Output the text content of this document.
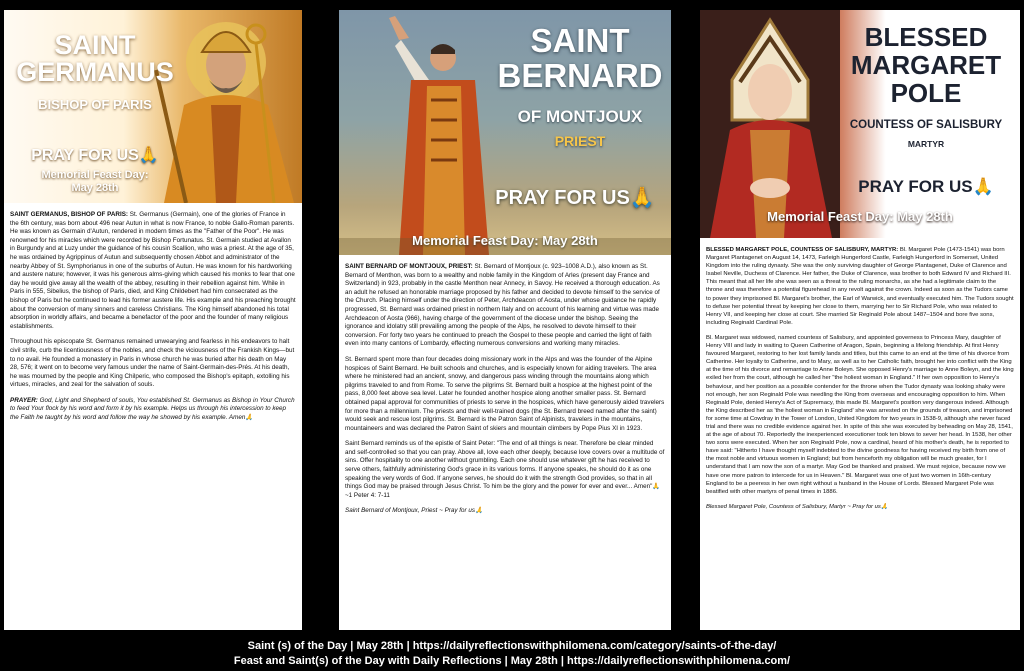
SAINT
GERMANUS
BISHOP OF PARIS
PRAY FOR US🙏
Memorial Feast Day:
May 28th

SAINT GERMANUS, BISHOP OF PARIS: St. Germanus (Germain), one of the glories of France in the 6th century, was born about 496 near Autun in what is now France, to noble Gallo-Roman parents. He was known as Germain d'Autun, rendered in modern times as the "Father of the Poor". He was renowned for his miracles which were recorded by Bishop Fortunatus. St. Germain studied at Avallon in Burgundy and at Luzy under the guidance of his cousin Scallion, who was a priest. At the age of 35, he was ordained by Agrippinus of Autun and subsequently chosen Abbot and administrator of the nearby Abbey of St. Symphorianus in one of the suburbs of Autun. He was known for his hardworking and austere nature; however, it was his generous alms-giving which caused his monks to fear that one day he would give away all the wealth of the abbey, resulting in their rebellion against him. While in Paris in 555, Sibelius, the bishop of Paris, died, and King Childebert had him consecrated as the bishop of Paris but he continued to lead his former austere life. His example and his preaching brought about the conversion of many sinners and careless Christians. The King himself abandoned his total absorption in worldly affairs, and became a benefactor of the poor and the founder of many religious establishments.

Throughout his episcopate St. Germanus remained unwearying and fearless in his endeavors to halt civil strife, curb the licentiousness of the nobles, and check the viciousness of the Frankish Kings—but to no avail. He founded a monastery in Paris in whose church he was buried after his death on May 28, 576; it went on to become very famous under the name of Saint-Germain-des-Prés. At his death, he was mourned by the people and King Chilperic, who composed the Bishop's epitaph, extolling his virtues, miracles, and zeal for the salvation of souls.

PRAYER: God, Light and Shepherd of souls, You established St. Germanus as Bishop in Your Church to feed Your flock by his word and form it by his example. Helps us through his intercession to keep the Faith he taught by his word and follow the way he showed by his example. Amen🙏

SAINT
BERNARD
OF MONTJOUX
PRIEST
PRAY FOR US🙏
Memorial Feast Day: May 28th

SAINT BERNARD OF MONTJOUX, PRIEST: St. Bernard of Montjoux (c. 923–1008 A.D.), also known as St. Bernard of Menthon, was born to a wealthy and noble family in the Kingdom of Arles (present day France and Switzerland) in 923, probably in the castle Menthon near Annecy, in Savoy. He received a thorough education. As an adult he refused an honorable marriage proposed by his father and decided to devote himself to the service of the Church. Placing himself under the direction of Peter, Archdeacon of Aosta, under whose guidance he rapidly progressed, St. Bernard was ordained priest in northern Italy and on account of his learning and virtue was made Archdeacon of Aosta (966), having charge of the government of the diocese under the bishop. Seeing the ignorance and idolatry still prevailing among the people of the Alps, he resolved to devote himself to their conversion. For forty two years he continued to preach the Gospel to these people and carried the light of faith even into many cantons of Lombardy, effecting numerous conversions and working many miracles.

St. Bernard spent more than four decades doing missionary work in the Alps and was the founder of the Alpine hospices of Saint Bernard. He built schools and churches, and is especially known for aiding travelers. The area where he ministered had an ancient, snowy, and dangerous pass winding through the mountains along which pilgrims traveled to and from Rome. To serve the pilgrims St. Bernard built a hospice at the highest point of the pass, 8,000 feet above sea level. Later he founded another hospice along another smaller pass. St. Bernard obtained papal approval for communities of priests to serve in the hospices, which have generously aided travelers for more than a millennium. The priests and their well-trained dogs (the St. Bernard breed named after the saint) would seek and rescue lost pilgrims. St. Bernard is the Patron Saint of Alpinists, travelers in the mountains, mountaineers and was declared the Patron Saint of skiers and mountain climbers by Pope Pius XI in 1923.

Saint Bernard reminds us of the epistle of Saint Peter: "The end of all things is near. Therefore be clear minded and self-controlled so that you can pray. Above all, love each other deeply, because love covers over a multitude of sins. Offer hospitality to one another without grumbling. Each one should use whatever gift he has received to serve others, faithfully administering God's grace in its various forms. If anyone speaks, he should do it as one speaking the very words of God. If anyone serves, he should do it with the strength God provides, so that in all things God may be praised through Jesus Christ. To him be the glory and the power for ever and ever... Amen"🙏 ~1 Peter 4: 7-11

Saint Bernard of Montjoux, Priest ~ Pray for us🙏

BLESSED
MARGARET
POLE
COUNTESS OF SALISBURY
MARTYR
PRAY FOR US🙏
Memorial Feast Day: May 28th

BLESSED MARGARET POLE, COUNTESS OF SALISBURY, MARTYR: Bl. Margaret Pole (1473-1541) was born Margaret Plantagenet on August 14, 1473, Farleigh Hungerford Castle, Farleigh Hungerford in Somerset, United Kingdom into the ruling dynasty. She was the only surviving daughter of George Plantagenet, Duke of Clarence and Isabel Neville, Duchess of Clarence. Her father, the Duke of Clarence, was brother to both Edward IV and Richard III. This meant that all her life she was seen as a threat to the ruling monarchs, as she had a legitimate claim to the throne and was therefore a potential figurehead in any revolt against the crown. Indeed as soon as the Tudors came to power they imprisoned Bl. Margaret's brother, the Earl of Warwick, and eventually executed him. The Tudors sought to defuse her potential threat by keeping her close to them, marrying her to Sir Richard Pole, who was related to Henry VII, and keeping her close at court. She married Sir Reginald Pole about 1487–1504 and bore five sons, including Reginald Cardinal Pole.

Bl. Margaret was widowed, named countess of Salisbury, and appointed governess to Princess Mary, daughter of Henry VIII and lady in waiting to Queen Catherine of Aragon, Spain, beginning a lifelong friendship. At first Henry favoured Margaret, restoring to her lost family lands and titles, but this came to an end at the time of his divorce from Catherine. Her loyalty to Catherine, and to Mary, as well as to her Catholic faith, brought her into conflict with the King at the time of his divorce and remarriage to Anne Boleyn. She opposed Henry's marriage to Anne Boleyn, and the king exiled her from the court, although he called her "the holiest woman in England." If her own opposition to Henry's behaviour, and her position as a possible contender for the throne when the Tudor dynasty was looking shaky were not enough, her son Reginald Pole was needling the King from overseas and encouraging opposition to him. When Reginald Pole, denied Henry's Act of Supremacy, this made Bl. Margaret's position very dangerous indeed. Although the King described her as 'the holiest woman in England' she was arrested on the grounds of treason, and imprisoned for some time at Cowdray in the Tower of London, United Kingdom for two years in 1538-9, although she never faced trial and there was no credible evidence against her. In spite of this she was executed by beheading on May 28, 1541, at the age of about 70. Reportedly the inexperienced executioner took ten blows to sever her head. In 1538, her other two sons were executed. When her son Reginald Pole, now a cardinal, heard of his mother's death, he is reported to have said: "Hitherto I have thought myself indebted to the divine goodness for having received my birth from one of the most noble and virtuous women in England; but from henceforth my obligation will be much greater, for I understand that I am now the son of a martyr. May God be thanked and praised. We must rejoice, because now we have one more patron to intercede for us in Heaven." Bl. Margaret was one of just two women in 16th-century England to be a peeress in her own right without a husband in the House of Lords. Blessed Margaret Pole was beatified with other martyrs of penal times in 1886.

Blessed Margaret Pole, Countess of Salisbury, Martyr ~ Pray for us🙏

Saint (s) of the Day | May 28th | https://dailyreflectionswithphilomena.com/category/saints-of-the-day/
Feast and Saint(s) of the Day with Daily Reflections | May 28th | https://dailyreflectionswithphilomena.com/
